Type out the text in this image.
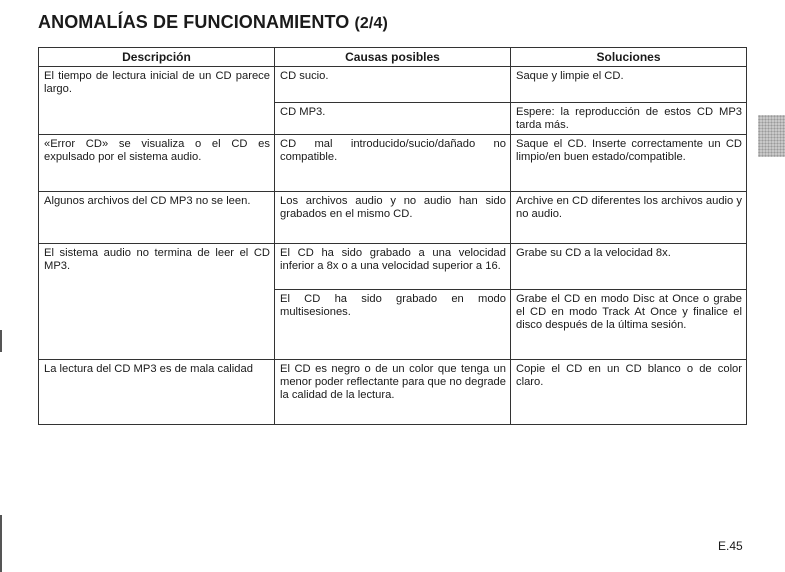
ANOMALÍAS DE FUNCIONAMIENTO (2/4)
Descripción	Causas posibles	Soluciones
El tiempo de lectura inicial de un CD parece largo.	CD sucio.	Saque y limpie el CD.
	CD MP3.	Espere: la reproducción de estos CD MP3 tarda más.
«Error CD» se visualiza o el CD es expulsado por el sistema audio.	CD mal introducido/sucio/dañado no compatible.	Saque el CD. Inserte correctamente un CD limpio/en buen estado/compatible.
Algunos archivos del CD MP3 no se leen.	Los archivos audio y no audio han sido grabados en el mismo CD.	Archive en CD diferentes los archivos audio y no audio.
El sistema audio no termina de leer el CD MP3.	El CD ha sido grabado a una velocidad inferior a 8x o a una velocidad superior a 16.	Grabe su CD a la velocidad 8x.
	El CD ha sido grabado en modo multisesiones.	Grabe el CD en modo Disc at Once o grabe el CD en modo Track At Once y finalice el disco después de la última sesión.
La lectura del CD MP3 es de mala calidad	El CD es negro o de un color que tenga un menor poder reflectante para que no degrade la calidad de la lectura.	Copie el CD en un CD blanco o de color claro.
E.45
